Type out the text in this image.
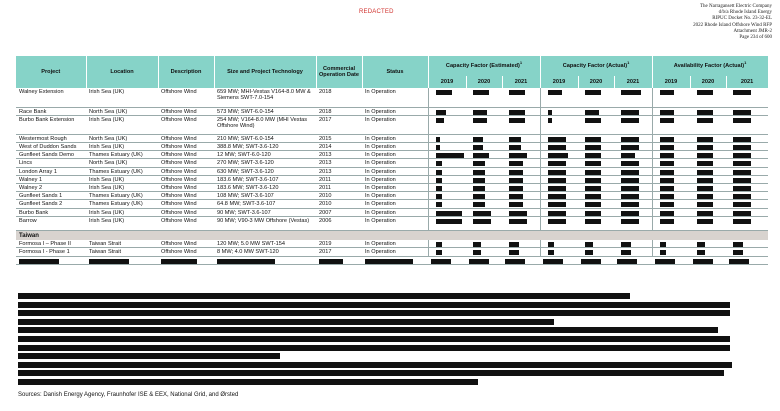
REDACTED
The Narragansett Electric Company
d/b/a Rhode Island Energy
RIPUC Docket No. 23-32-EL
2022 Rhode Island Offshore Wind RFP
Attachment JMR-2
Page 234 of 600
Project	Location	Description	Size and Project Technology	Commercial Operation Date	Status	Capacity Factor (Estimated)$^1$			Capacity Factor (Actual)$^1$			Availability Factor (Actual)$^1$
						2019	2020	2021	2019	2020	2021	2019	2020	2021
Walney Extension	Irish Sea (UK)	Offshore Wind	659 MW; MHI-Vestas V164-8.0 MW & Siemens SWT-7.0-154	2018	In Operation	

Race Bank	North Sea (UK)	Offshore Wind	573 MW; SWT-6.0-154	2018	In Operation	

Burbo Bank Extension	Irish Sea (UK)	Offshore Wind	254 MW; V164-8.0 MW (MHI Vestas Offshore Wind)	2017	In Operation	

Westermost Rough	North Sea (UK)	Offshore Wind	210 MW; SWT-6.0-154	2015	In Operation	

West of Duddon Sands	Irish Sea (UK)	Offshore Wind	388.8 MW; SWT-3.6-120	2014	In Operation	

Gunfleet Sands Demo	Thames Estuary (UK)	Offshore Wind	12 MW; SWT-6.0-120	2013	In Operation	

Lincs	North Sea (UK)	Offshore Wind	270 MW; SWT-3.6-120	2013	In Operation	

London Array 1	Thames Estuary (UK)	Offshore Wind	630 MW; SWT-3.6-120	2013	In Operation	

Walney 1	Irish Sea (UK)	Offshore Wind	183.6 MW; SWT-3.6-107	2011	In Operation	

Walney 2	Irish Sea (UK)	Offshore Wind	183.6 MW; SWT-3.6-120	2011	In Operation	

Gunfleet Sands 1	Thames Estuary (UK)	Offshore Wind	108 MW; SWT-3.6-107	2010	In Operation	

Gunfleet Sands 2	Thames Estuary (UK)	Offshore Wind	64.8 MW; SWT-3.6-107	2010	In Operation	

Burbo Bank	Irish Sea (UK)	Offshore Wind	90 MW; SWT-3.6-107	2007	In Operation	

Barrow	Irish Sea (UK)	Offshore Wind	90 MW; V90-3 MW Offshore (Vestas)	2006	In Operation	

Taiwan														
Formosa I – Phase II	Taiwan Strait	Offshore Wind	120 MW; 5.0 MW SWT-154	2019	In Operation	

Formosa I - Phase 1	Taiwan Strait	Offshore Wind	8 MW; 4.0 MW SWT-120	2017	In Operation	

Sources: Danish Energy Agency, Fraunhofer ISE & EEX, National Grid, and Ørsted
